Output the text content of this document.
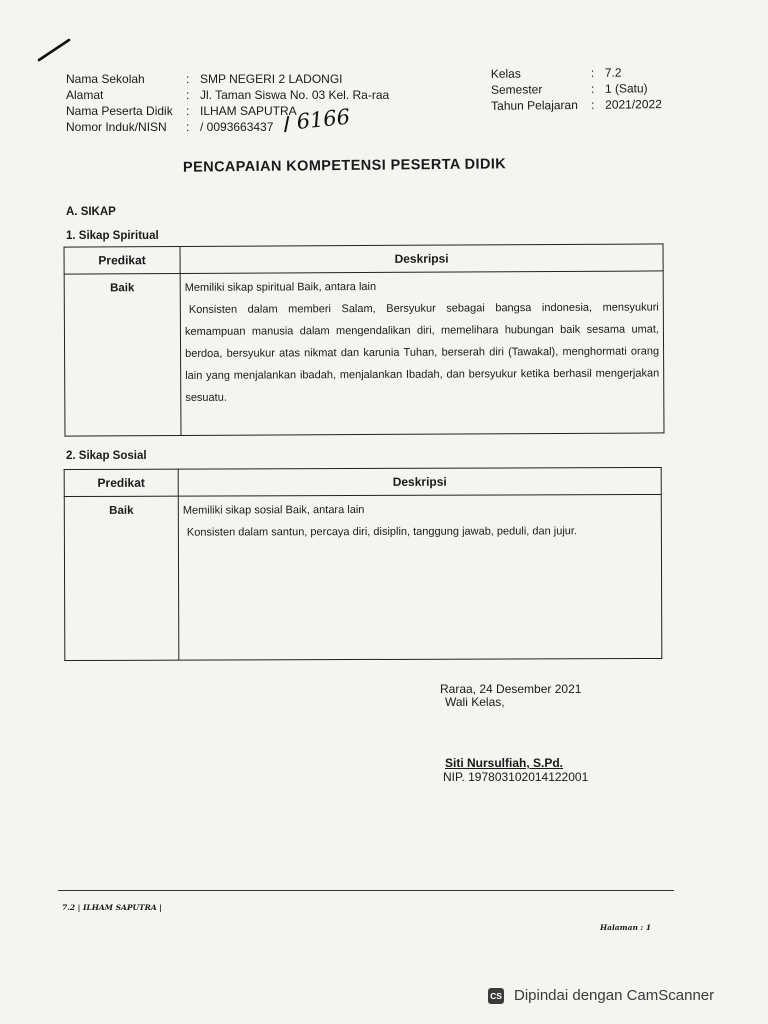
Nama Sekolah	: SMP NEGERI 2 LADONGI
Alamat	: Jl. Taman Siswa No. 03 Kel. Ra-raa
Nama Peserta Didik	: ILHAM SAPUTRA
Nomor Induk/NISN	: / 0093663437 / 6166
Kelas	: 7.2
Semester	: 1 (Satu)
Tahun Pelajaran	: 2021/2022
PENCAPAIAN KOMPETENSI PESERTA DIDIK
A. SIKAP
1. Sikap Spiritual
Predikat	Deskripsi
Baik	Memiliki sikap spiritual Baik, antara lain
Konsisten dalam memberi Salam, Bersyukur sebagai bangsa indonesia, mensyukuri kemampuan manusia dalam mengendalikan diri, memelihara hubungan baik sesama umat, berdoa, bersyukur atas nikmat dan karunia Tuhan, berserah diri (Tawakal), menghormati orang lain yang menjalankan ibadah, menjalankan Ibadah, dan bersyukur ketika berhasil mengerjakan sesuatu.
2. Sikap Sosial
Predikat	Deskripsi
Baik	Memiliki sikap sosial Baik, antara lain
Konsisten dalam santun, percaya diri, disiplin, tanggung jawab, peduli, dan jujur.
Raraa, 24 Desember 2021
Wali Kelas,
Siti Nursulfiah, S.Pd.
NIP. 197803102014122001
7.2 | ILHAM SAPUTRA |
Halaman : 1
CS Dipindai dengan CamScanner
